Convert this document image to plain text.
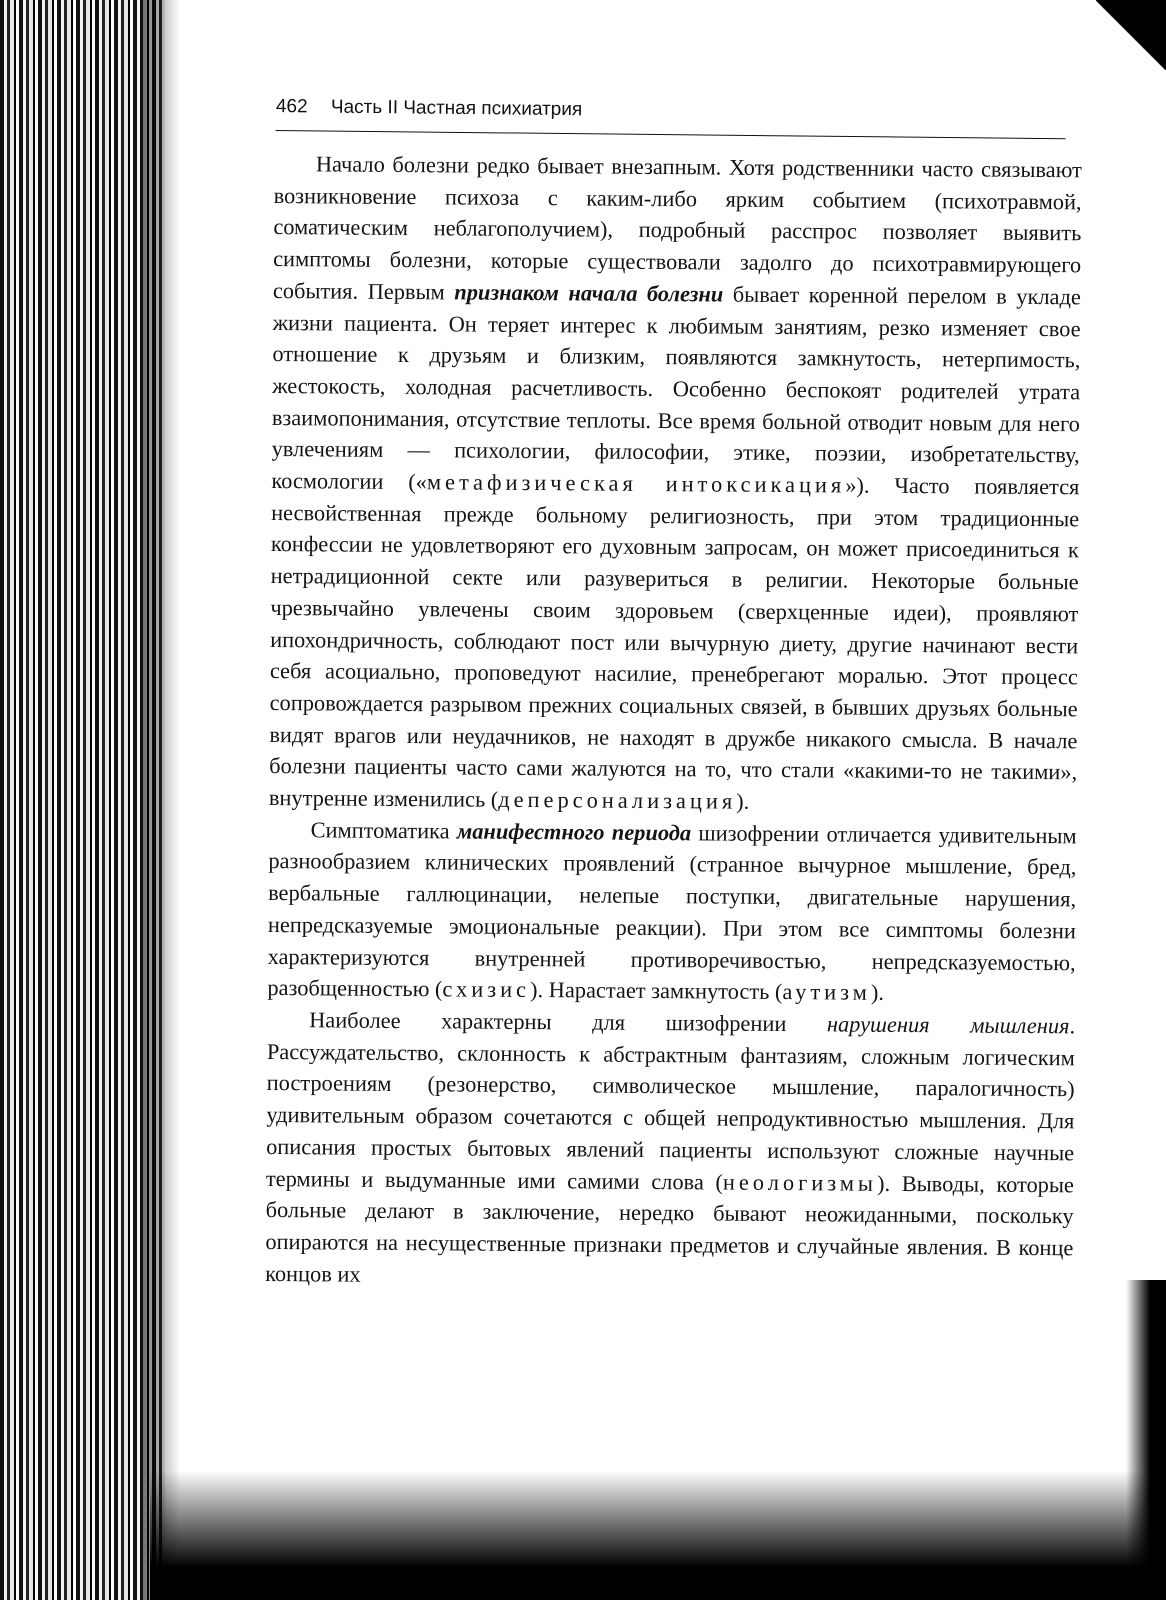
462 Часть II Частная психиатрия

Начало болезни редко бывает внезапным. Хотя родственники часто связывают возникновение психоза с каким-либо ярким событием (психотравмой, соматическим неблагополучием), подробный расспрос позволяет выявить симптомы болезни, которые существовали задолго до психотравмирующего события. Первым признаком начала болезни бывает коренной перелом в укладе жизни пациента. Он теряет интерес к любимым занятиям, резко изменяет свое отношение к друзьям и близким, появляются замкнутость, нетерпимость, жестокость, холодная расчетливость. Особенно беспокоят родителей утрата взаимопонимания, отсутствие теплоты. Все время больной отводит новым для него увлечениям — психологии, философии, этике, поэзии, изобретательству, космологии («метафизическая интоксикация»). Часто появляется несвойственная прежде больному религиозность, при этом традиционные конфессии не удовлетворяют его духовным запросам, он может присоединиться к нетрадиционной секте или разувериться в религии. Некоторые больные чрезвычайно увлечены своим здоровьем (сверхценные идеи), проявляют ипохондричность, соблюдают пост или вычурную диету, другие начинают вести себя асоциально, проповедуют насилие, пренебрегают моралью. Этот процесс сопровождается разрывом прежних социальных связей, в бывших друзьях больные видят врагов или неудачников, не находят в дружбе никакого смысла. В начале болезни пациенты часто сами жалуются на то, что стали «какими-то не такими», внутренне изменились (деперсонализация).

Симптоматика манифестного периода шизофрении отличается удивительным разнообразием клинических проявлений (странное вычурное мышление, бред, вербальные галлюцинации, нелепые поступки, двигательные нарушения, непредсказуемые эмоциональные реакции). При этом все симптомы болезни характеризуются внутренней противоречивостью, непредсказуемостью, разобщенностью (схизис). Нарастает замкнутость (аутизм).

Наиболее характерны для шизофрении нарушения мышления. Рассуждательство, склонность к абстрактным фантазиям, сложным логическим построениям (резонерство, символическое мышление, паралогичность) удивительным образом сочетаются с общей непродуктивностью мышления. Для описания простых бытовых явлений пациенты используют сложные научные термины и выдуманные ими самими слова (неологизмы). Выводы, которые больные делают в заключение, нередко бывают неожиданными, поскольку опираются на несущественные признаки предметов и случайные явления. В конце концов их
